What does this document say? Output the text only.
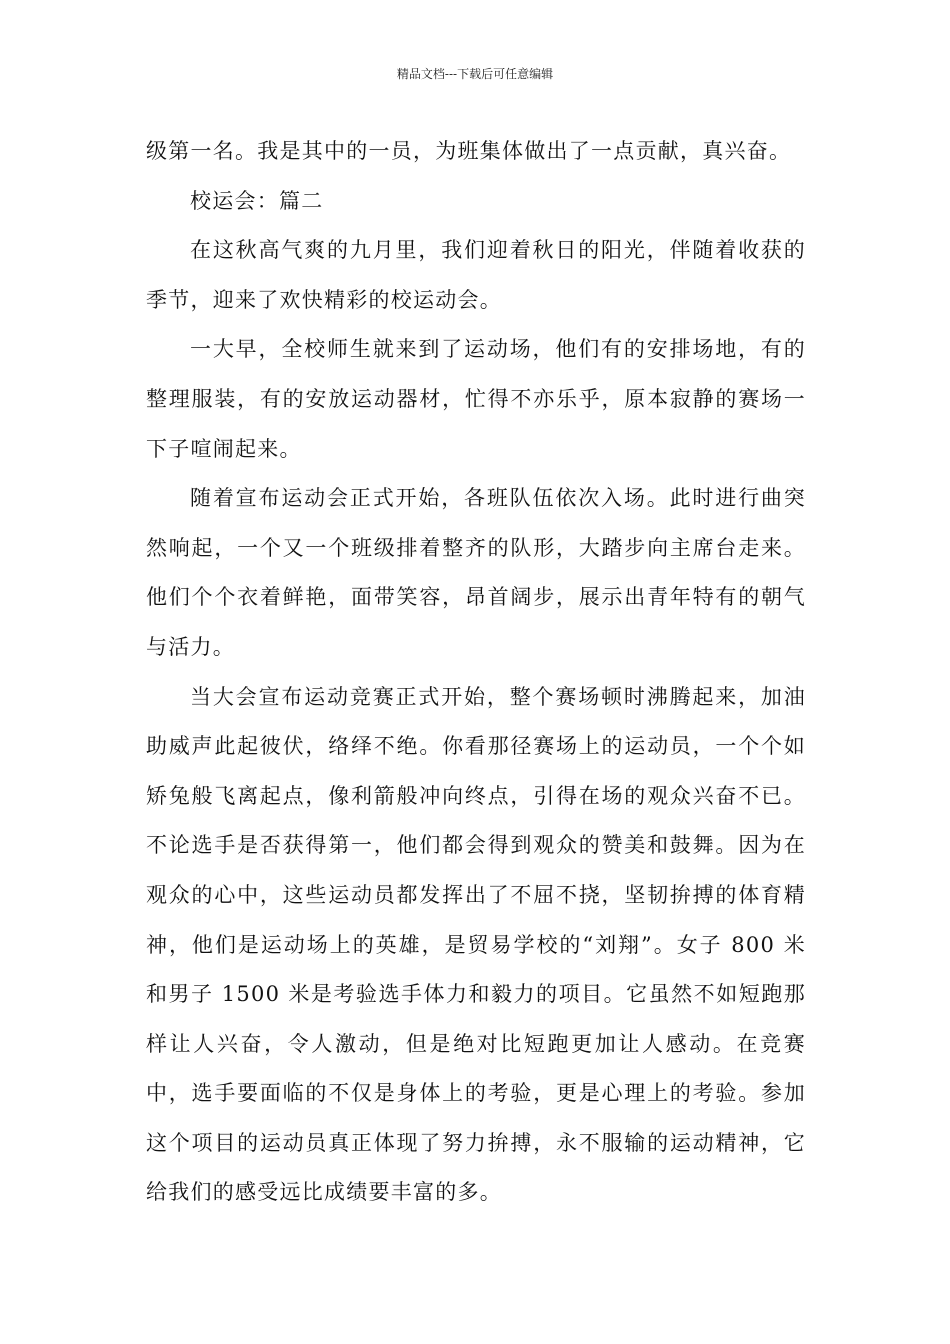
精品文档---下载后可任意编辑

级第一名。我是其中的一员，为班集体做出了一点贡献，真兴奋。

校运会：篇二

在这秋高气爽的九月里，我们迎着秋日的阳光，伴随着收获的季节，迎来了欢快精彩的校运动会。

一大早，全校师生就来到了运动场，他们有的安排场地，有的整理服装，有的安放运动器材，忙得不亦乐乎，原本寂静的赛场一下子喧闹起来。

随着宣布运动会正式开始，各班队伍依次入场。此时进行曲突然响起，一个又一个班级排着整齐的队形，大踏步向主席台走来。他们个个衣着鲜艳，面带笑容，昂首阔步，展示出青年特有的朝气与活力。

当大会宣布运动竞赛正式开始，整个赛场顿时沸腾起来，加油助威声此起彼伏，络绎不绝。你看那径赛场上的运动员，一个个如矫兔般飞离起点，像利箭般冲向终点，引得在场的观众兴奋不已。不论选手是否获得第一，他们都会得到观众的赞美和鼓舞。因为在观众的心中，这些运动员都发挥出了不屈不挠，坚韧拚搏的体育精神，他们是运动场上的英雄，是贸易学校的“刘翔”。女子 800 米和男子 1500 米是考验选手体力和毅力的项目。它虽然不如短跑那样让人兴奋，令人激动，但是绝对比短跑更加让人感动。在竞赛中，选手要面临的不仅是身体上的考验，更是心理上的考验。参加这个项目的运动员真正体现了努力拚搏，永不服输的运动精神，它给我们的感受远比成绩要丰富的多。
